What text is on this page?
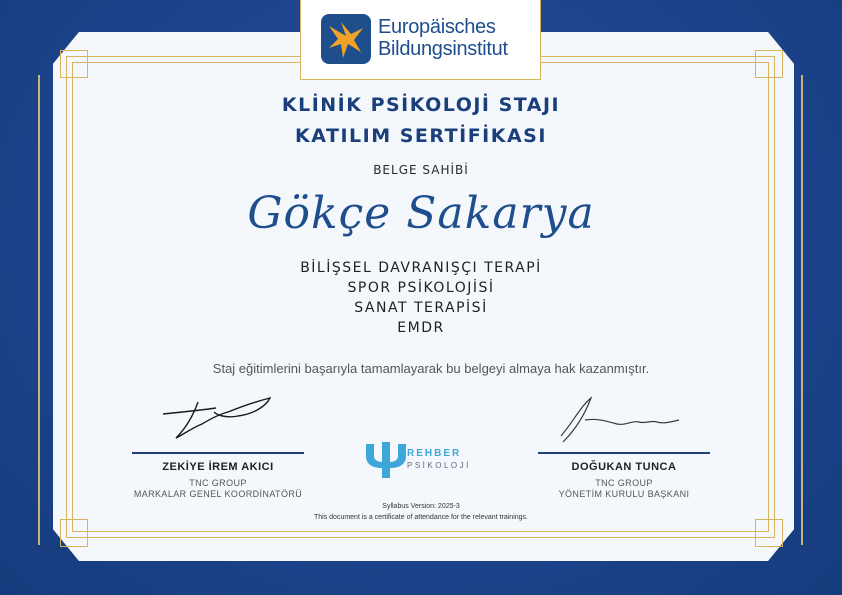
Europäisches
Bildungsinstitut
KLİNİK PSİKOLOJİ STAJI
KATILIM SERTİFİKASI
BELGE SAHİBİ
Gökçe Sakarya
BİLİŞSEL DAVRANIŞÇI TERAPİ
SPOR PSİKOLOJİSİ
SANAT TERAPİSİ
EMDR
Staj eğitimlerini başarıyla tamamlayarak bu belgeyi almaya hak kazanmıştır.
ZEKİYE İREM AKICI
TNC GROUP
MARKALAR GENEL KOORDİNATÖRÜ
DOĞUKAN TUNCA
TNC GROUP
YÖNETİM KURULU BAŞKANI
REHBER
PSİKOLOJİ
Syllabus Version: 2025-3
This document is a certificate of attendance for the relevant trainings.
